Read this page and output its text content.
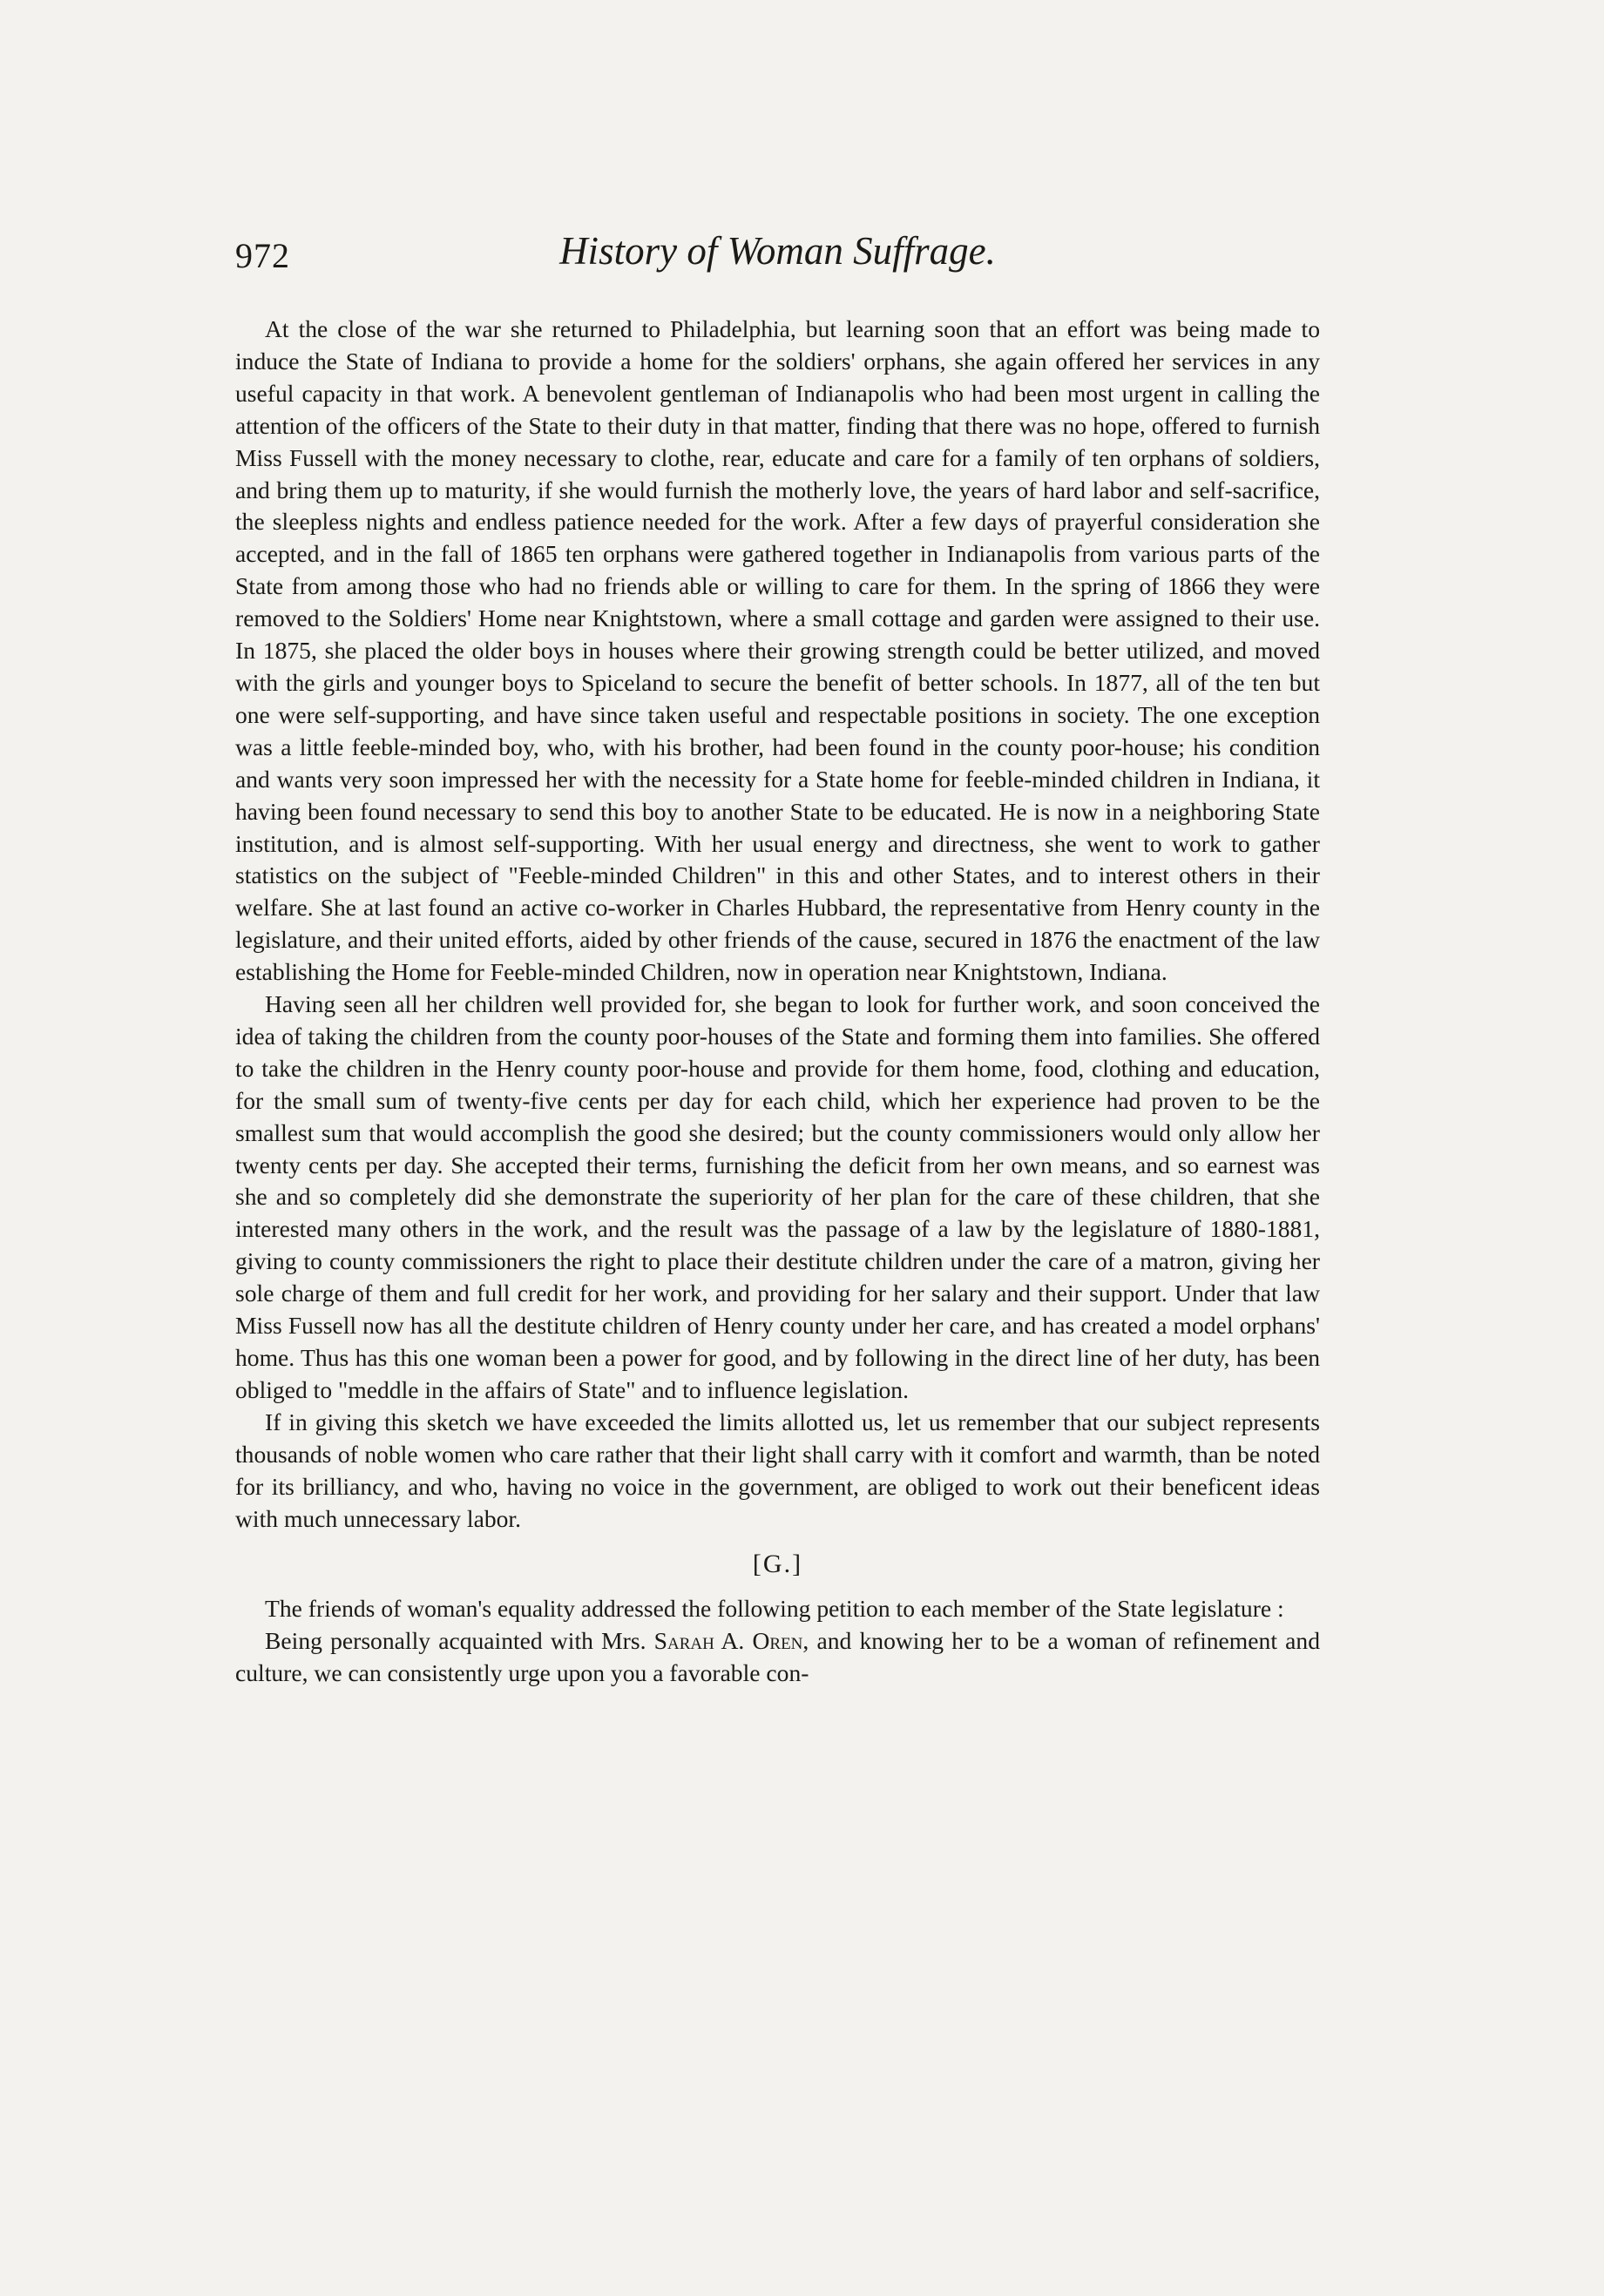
972	History of Woman Suffrage.

At the close of the war she returned to Philadelphia, but learning soon that an effort was being made to induce the State of Indiana to provide a home for the soldiers' orphans, she again offered her services in any useful capacity in that work. A benevolent gentleman of Indianapolis who had been most urgent in calling the attention of the officers of the State to their duty in that matter, finding that there was no hope, offered to furnish Miss Fussell with the money necessary to clothe, rear, educate and care for a family of ten orphans of soldiers, and bring them up to maturity, if she would furnish the motherly love, the years of hard labor and self-sacrifice, the sleepless nights and endless patience needed for the work. After a few days of prayerful consideration she accepted, and in the fall of 1865 ten orphans were gathered together in Indianapolis from various parts of the State from among those who had no friends able or willing to care for them. In the spring of 1866 they were removed to the Soldiers' Home near Knightstown, where a small cottage and garden were assigned to their use. In 1875, she placed the older boys in houses where their growing strength could be better utilized, and moved with the girls and younger boys to Spiceland to secure the benefit of better schools. In 1877, all of the ten but one were self-supporting, and have since taken useful and respectable positions in society. The one exception was a little feeble-minded boy, who, with his brother, had been found in the county poor-house; his condition and wants very soon impressed her with the necessity for a State home for feeble-minded children in Indiana, it having been found necessary to send this boy to another State to be educated. He is now in a neighboring State institution, and is almost self-supporting. With her usual energy and directness, she went to work to gather statistics on the subject of "Feeble-minded Children" in this and other States, and to interest others in their welfare. She at last found an active co-worker in Charles Hubbard, the representative from Henry county in the legislature, and their united efforts, aided by other friends of the cause, secured in 1876 the enactment of the law establishing the Home for Feeble-minded Children, now in operation near Knightstown, Indiana.

Having seen all her children well provided for, she began to look for further work, and soon conceived the idea of taking the children from the county poor-houses of the State and forming them into families. She offered to take the children in the Henry county poor-house and provide for them home, food, clothing and education, for the small sum of twenty-five cents per day for each child, which her experience had proven to be the smallest sum that would accomplish the good she desired; but the county commissioners would only allow her twenty cents per day. She accepted their terms, furnishing the deficit from her own means, and so earnest was she and so completely did she demonstrate the superiority of her plan for the care of these children, that she interested many others in the work, and the result was the passage of a law by the legislature of 1880-1881, giving to county commissioners the right to place their destitute children under the care of a matron, giving her sole charge of them and full credit for her work, and providing for her salary and their support. Under that law Miss Fussell now has all the destitute children of Henry county under her care, and has created a model orphans' home. Thus has this one woman been a power for good, and by following in the direct line of her duty, has been obliged to "meddle in the affairs of State" and to influence legislation.

If in giving this sketch we have exceeded the limits allotted us, let us remember that our subject represents thousands of noble women who care rather that their light shall carry with it comfort and warmth, than be noted for its brilliancy, and who, having no voice in the government, are obliged to work out their beneficent ideas with much unnecessary labor.

[G.]

The friends of woman's equality addressed the following petition to each member of the State legislature :

Being personally acquainted with Mrs. Sarah A. Oren, and knowing her to be a woman of refinement and culture, we can consistently urge upon you a favorable con-
